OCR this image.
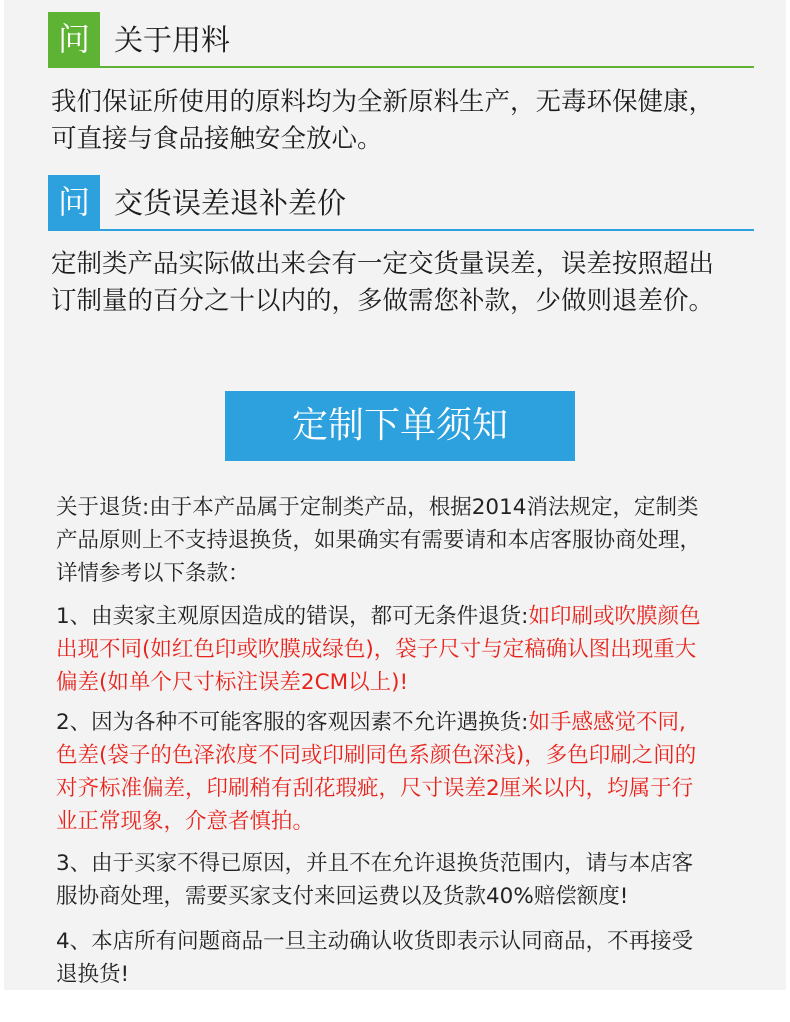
问 关于用料
我们保证所使用的原料均为全新原料生产，无毒环保健康，
可直接与食品接触安全放心。
问 交货误差退补差价
定制类产品实际做出来会有一定交货量误差，误差按照超出
订制量的百分之十以内的，多做需您补款，少做则退差价。
定制下单须知
关于退货:由于本产品属于定制类产品，根据2014消法规定，定制类
产品原则上不支持退换货，如果确实有需要请和本店客服协商处理，
详情参考以下条款：
1、由卖家主观原因造成的错误，都可无条件退货:如印刷或吹膜颜色
出现不同(如红色印或吹膜成绿色)，袋子尺寸与定稿确认图出现重大
偏差(如单个尺寸标注误差2CM以上)!
2、因为各种不可能客服的客观因素不允许遇换货:如手感感觉不同,
色差(袋子的色泽浓度不同或印刷同色系颜色深浅)，多色印刷之间的
对齐标准偏差，印刷稍有刮花瑕疵，尺寸误差2厘米以内，均属于行
业正常现象，介意者慎拍。
3、由于买家不得已原因，并且不在允许退换货范围内，请与本店客
服协商处理，需要买家支付来回运费以及货款40%赔偿额度!
4、本店所有问题商品一旦主动确认收货即表示认同商品，不再接受
退换货!
